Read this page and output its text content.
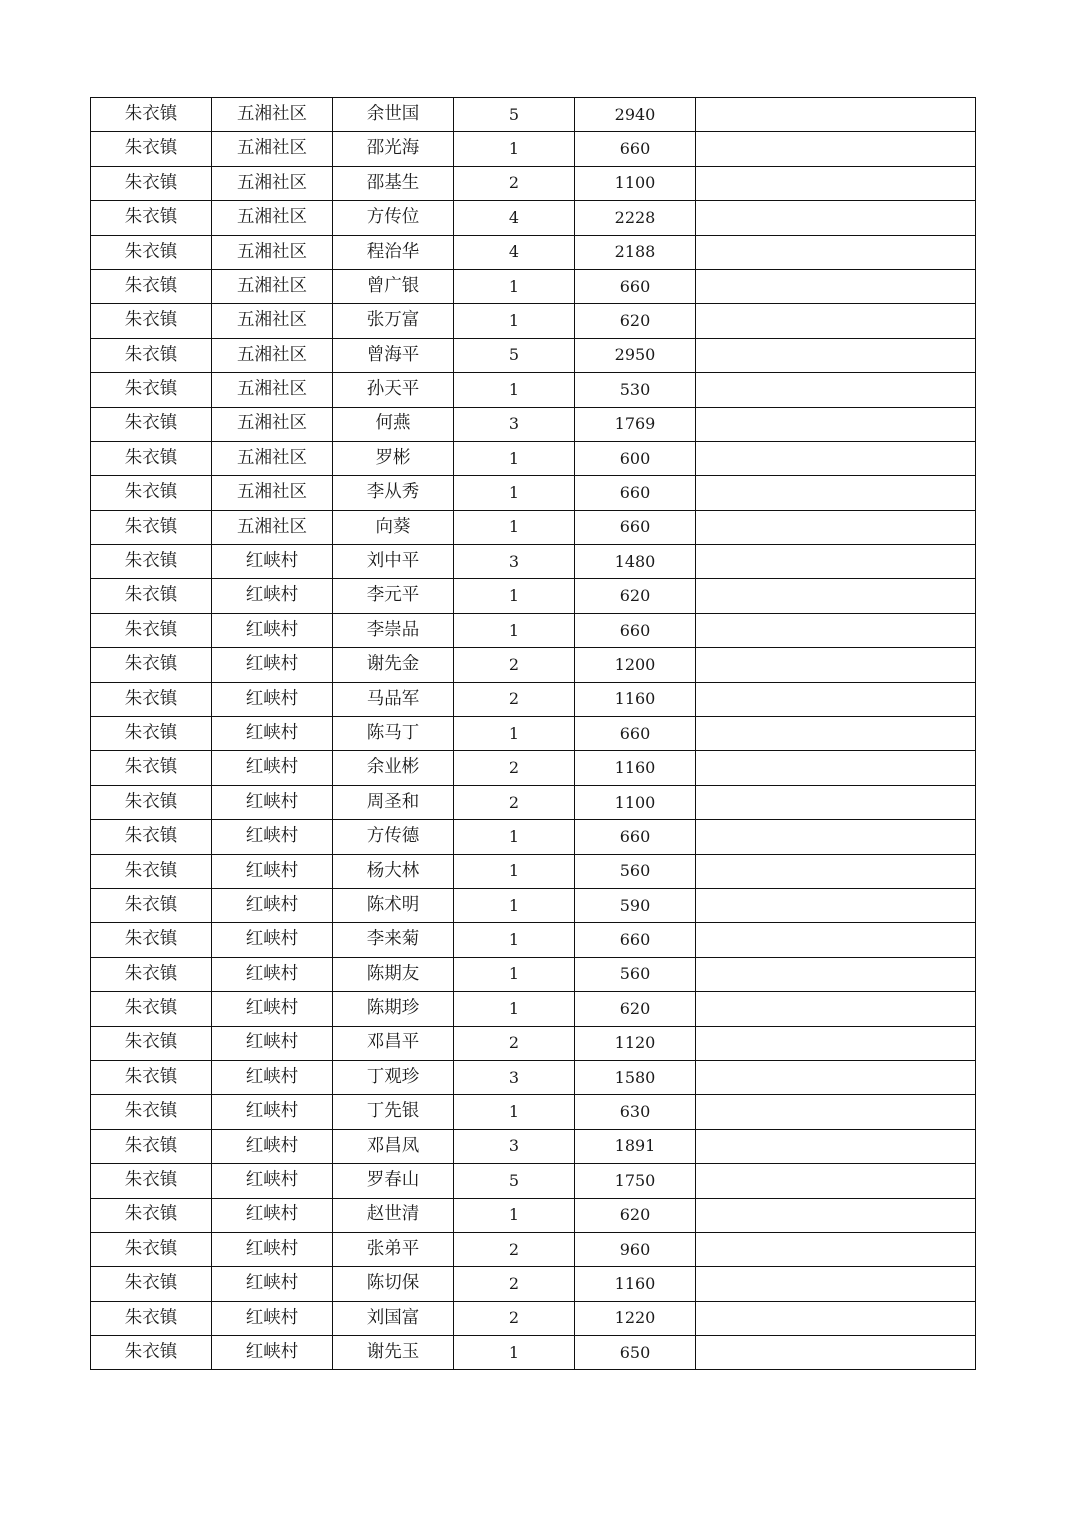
朱衣镇	五湘社区	余世国	5	2940	
朱衣镇	五湘社区	邵光海	1	660	
朱衣镇	五湘社区	邵基生	2	1100	
朱衣镇	五湘社区	方传位	4	2228	
朱衣镇	五湘社区	程治华	4	2188	
朱衣镇	五湘社区	曾广银	1	660	
朱衣镇	五湘社区	张万富	1	620	
朱衣镇	五湘社区	曾海平	5	2950	
朱衣镇	五湘社区	孙天平	1	530	
朱衣镇	五湘社区	何燕	3	1769	
朱衣镇	五湘社区	罗彬	1	600	
朱衣镇	五湘社区	李从秀	1	660	
朱衣镇	五湘社区	向葵	1	660	
朱衣镇	红峡村	刘中平	3	1480	
朱衣镇	红峡村	李元平	1	620	
朱衣镇	红峡村	李崇品	1	660	
朱衣镇	红峡村	谢先金	2	1200	
朱衣镇	红峡村	马品军	2	1160	
朱衣镇	红峡村	陈马丁	1	660	
朱衣镇	红峡村	余业彬	2	1160	
朱衣镇	红峡村	周圣和	2	1100	
朱衣镇	红峡村	方传德	1	660	
朱衣镇	红峡村	杨大林	1	560	
朱衣镇	红峡村	陈术明	1	590	
朱衣镇	红峡村	李来菊	1	660	
朱衣镇	红峡村	陈期友	1	560	
朱衣镇	红峡村	陈期珍	1	620	
朱衣镇	红峡村	邓昌平	2	1120	
朱衣镇	红峡村	丁观珍	3	1580	
朱衣镇	红峡村	丁先银	1	630	
朱衣镇	红峡村	邓昌凤	3	1891	
朱衣镇	红峡村	罗春山	5	1750	
朱衣镇	红峡村	赵世清	1	620	
朱衣镇	红峡村	张弟平	2	960	
朱衣镇	红峡村	陈切保	2	1160	
朱衣镇	红峡村	刘国富	2	1220	
朱衣镇	红峡村	谢先玉	1	650	
